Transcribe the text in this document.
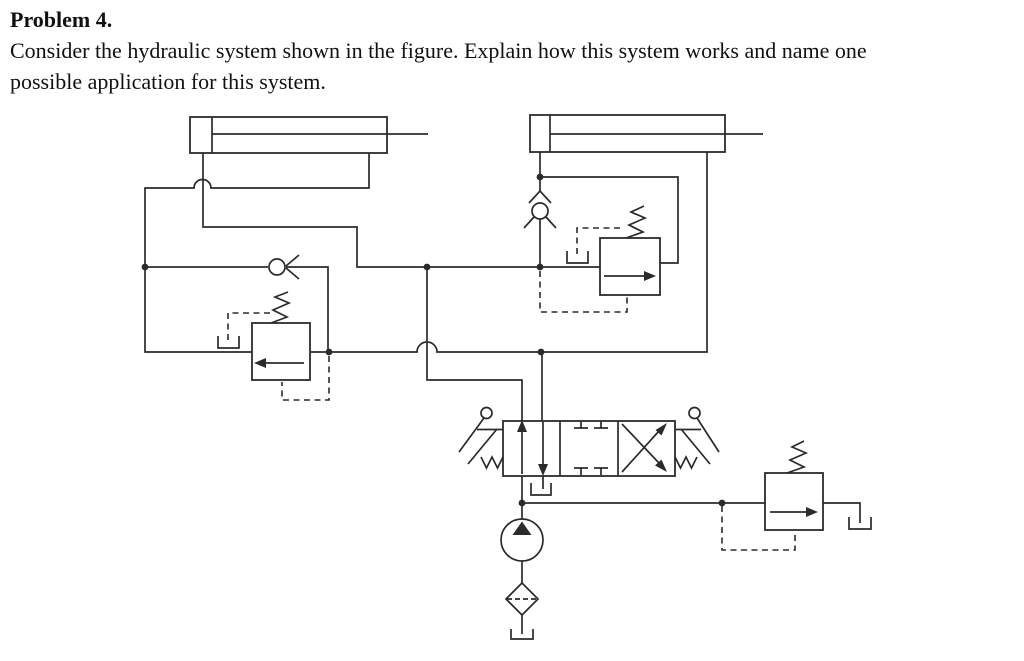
Problem 4.
Consider the hydraulic system shown in the figure. Explain how this system works and name one
possible application for this system.
